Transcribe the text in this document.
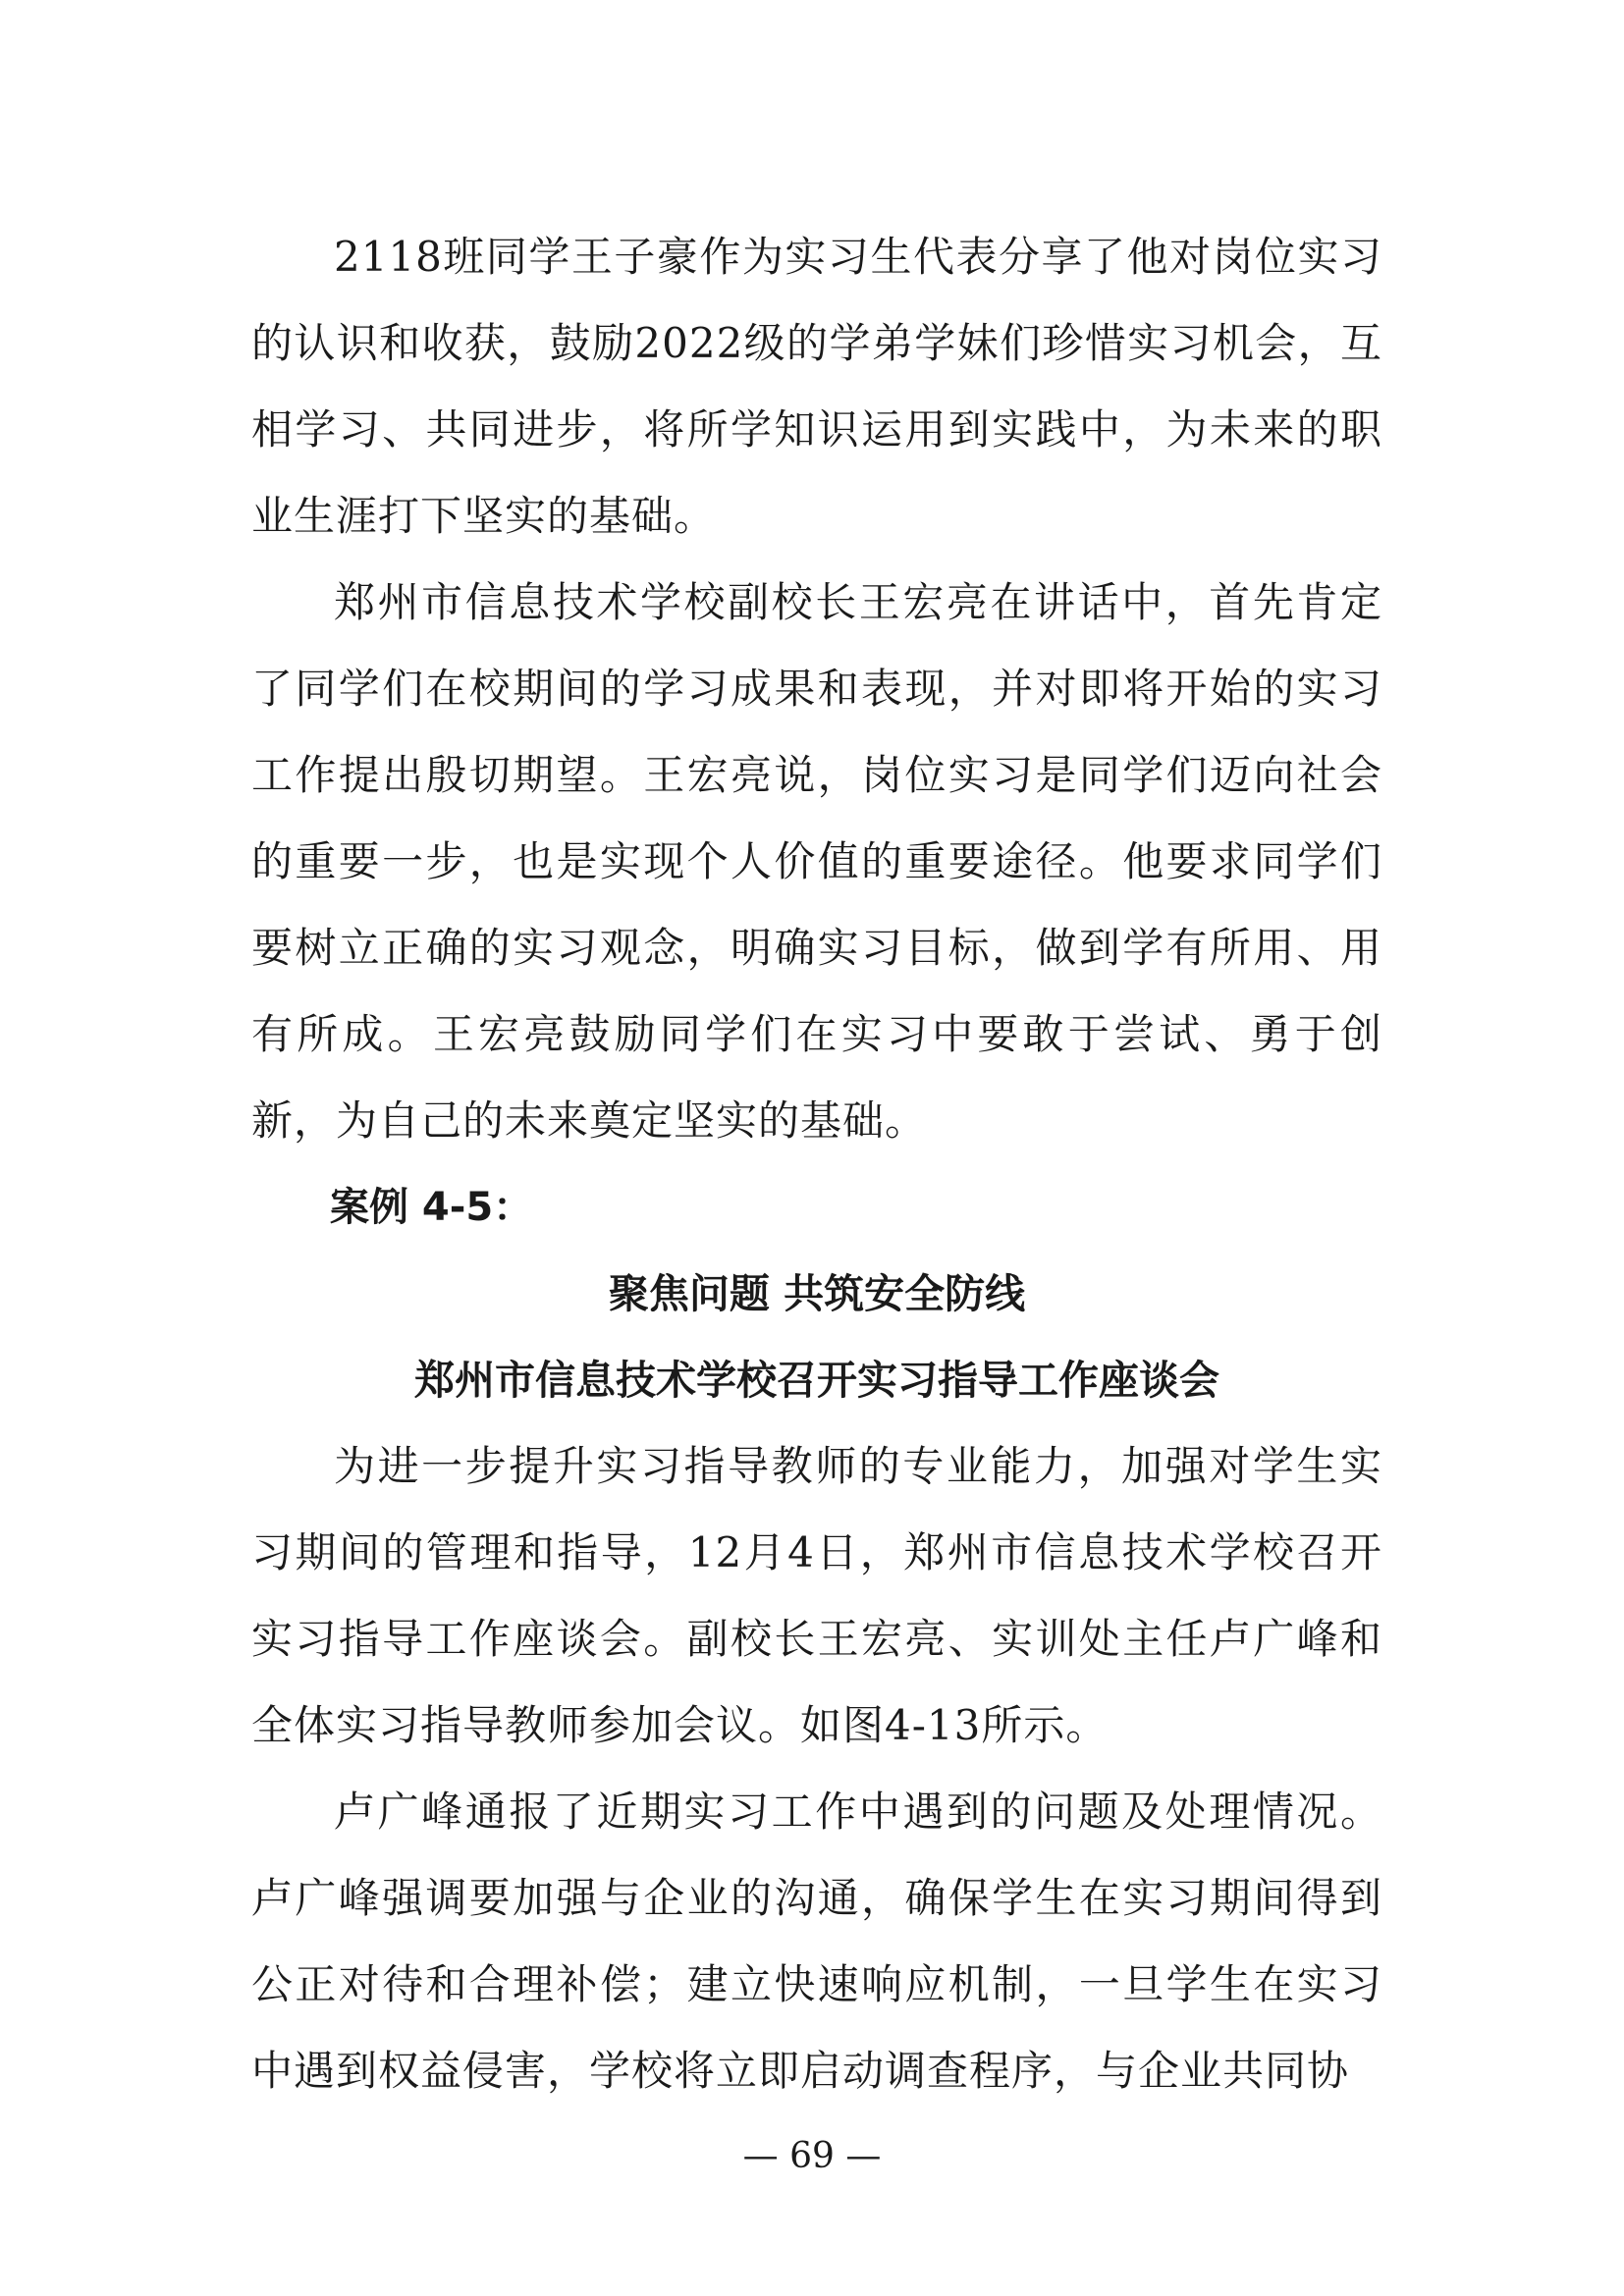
2118班同学王子豪作为实习生代表分享了他对岗位实习的认识和收获，鼓励2022级的学弟学妹们珍惜实习机会，互相学习、共同进步，将所学知识运用到实践中，为未来的职业生涯打下坚实的基础。

郑州市信息技术学校副校长王宏亮在讲话中，首先肯定了同学们在校期间的学习成果和表现，并对即将开始的实习工作提出殷切期望。王宏亮说，岗位实习是同学们迈向社会的重要一步，也是实现个人价值的重要途径。他要求同学们要树立正确的实习观念，明确实习目标，做到学有所用、用有所成。王宏亮鼓励同学们在实习中要敢于尝试、勇于创新，为自己的未来奠定坚实的基础。

案例 4-5：

聚焦问题 共筑安全防线

郑州市信息技术学校召开实习指导工作座谈会

为进一步提升实习指导教师的专业能力，加强对学生实习期间的管理和指导，12月4日，郑州市信息技术学校召开实习指导工作座谈会。副校长王宏亮、实训处主任卢广峰和全体实习指导教师参加会议。如图4-13所示。

卢广峰通报了近期实习工作中遇到的问题及处理情况。卢广峰强调要加强与企业的沟通，确保学生在实习期间得到公正对待和合理补偿；建立快速响应机制，一旦学生在实习中遇到权益侵害，学校将立即启动调查程序，与企业共同协

— 69 —
